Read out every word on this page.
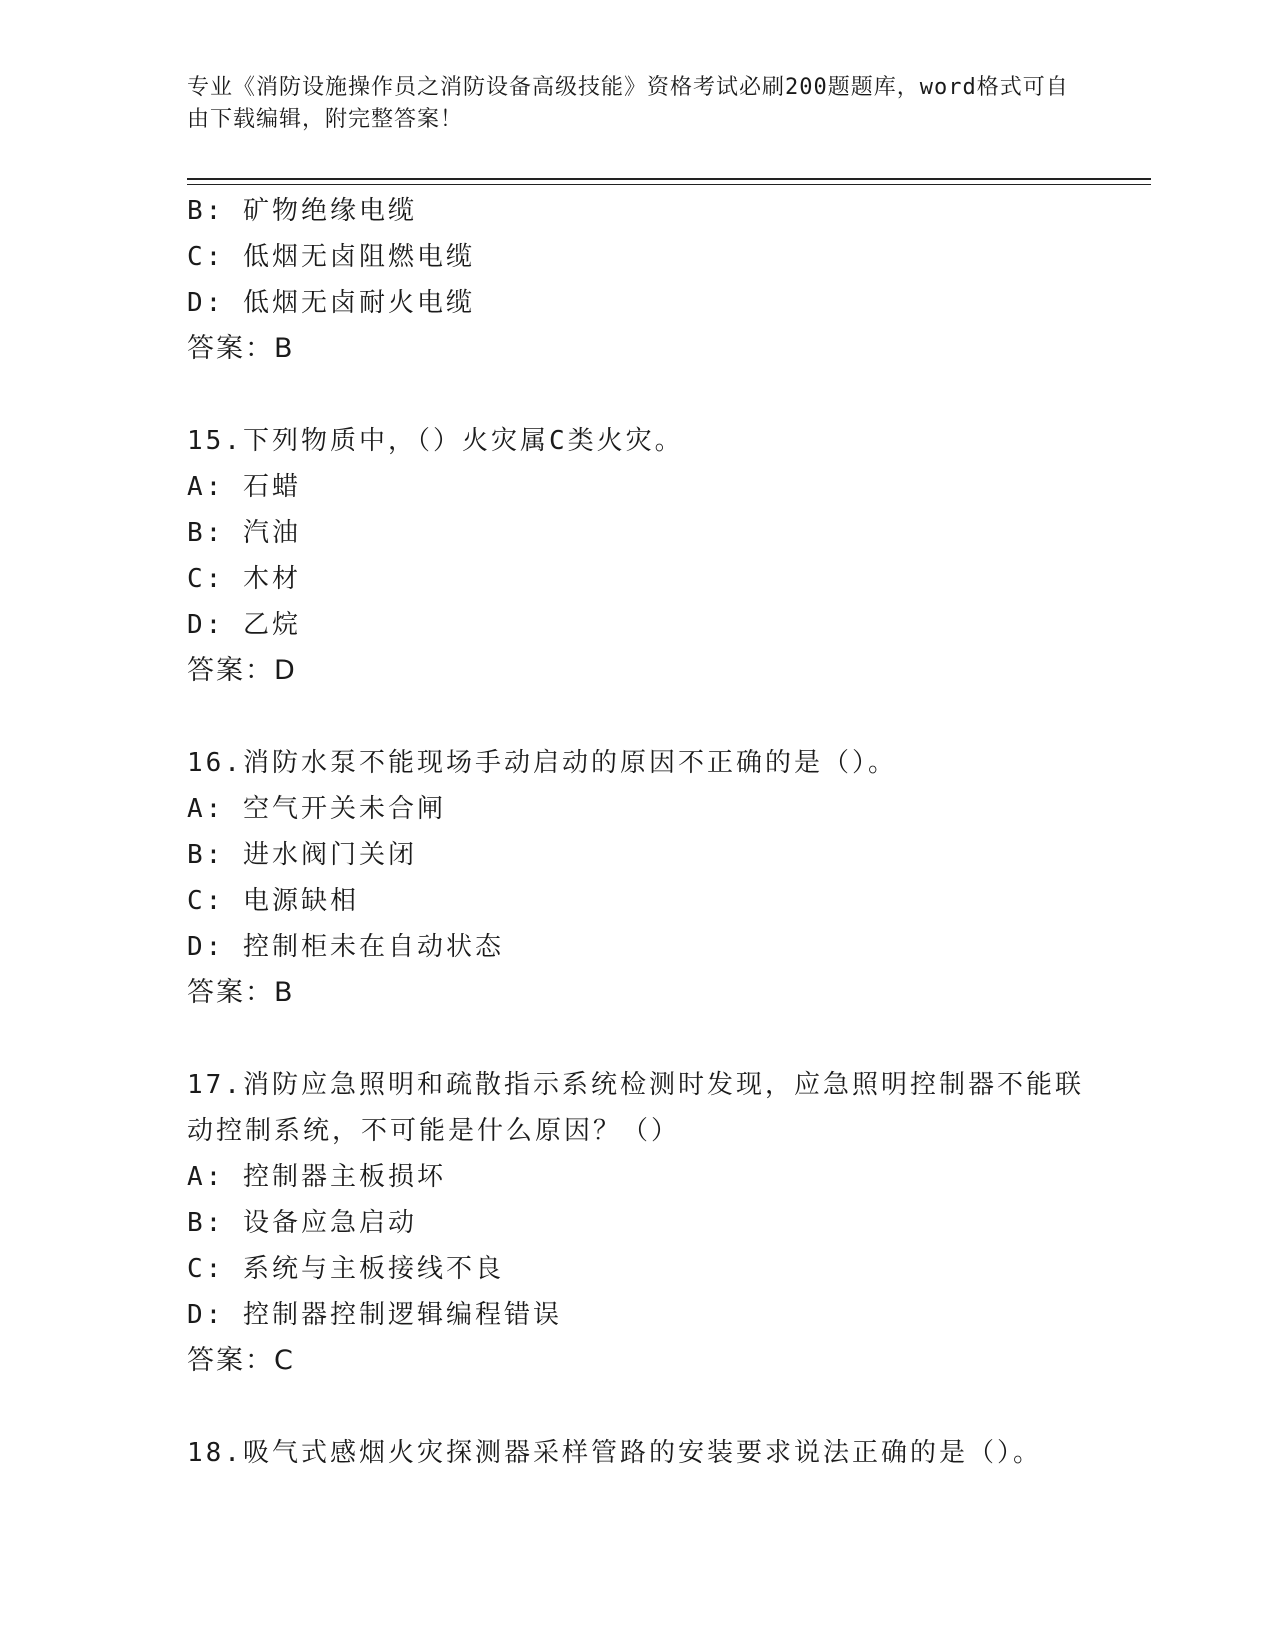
专业《消防设施操作员之消防设备高级技能》资格考试必刷200题题库，word格式可自由下载编辑，附完整答案！
B: 矿物绝缘电缆
C: 低烟无卤阻燃电缆
D: 低烟无卤耐火电缆
答案：B
15.下列物质中，（）火灾属C类火灾。
A: 石蜡
B: 汽油
C: 木材
D: 乙烷
答案：D
16.消防水泵不能现场手动启动的原因不正确的是（）。
A: 空气开关未合闸
B: 进水阀门关闭
C: 电源缺相
D: 控制柜未在自动状态
答案：B
17.消防应急照明和疏散指示系统检测时发现，应急照明控制器不能联动控制系统，不可能是什么原因？（）
A: 控制器主板损坏
B: 设备应急启动
C: 系统与主板接线不良
D: 控制器控制逻辑编程错误
答案：C
18.吸气式感烟火灾探测器采样管路的安装要求说法正确的是（）。
